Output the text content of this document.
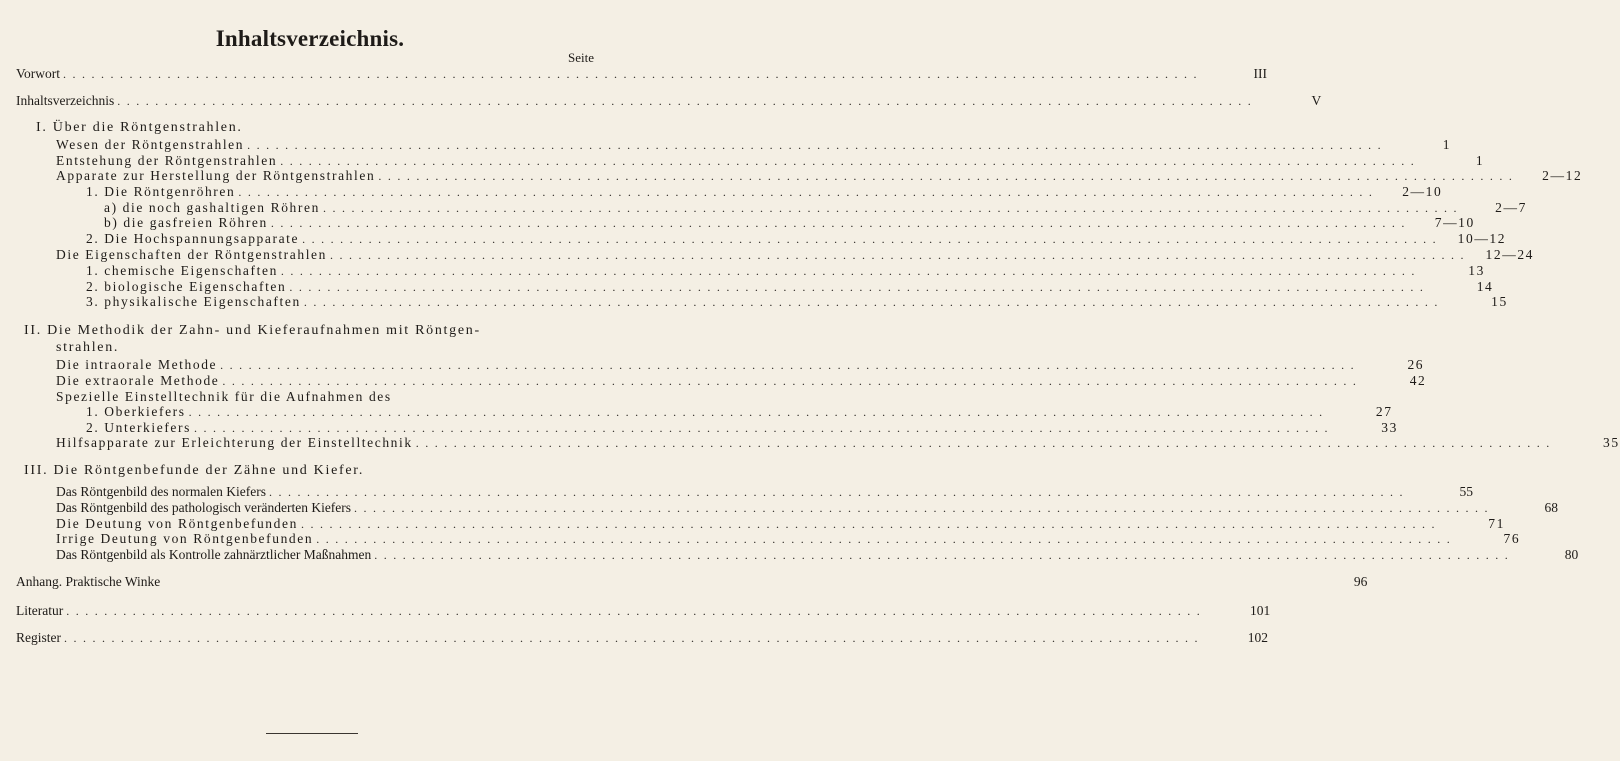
Inhaltsverzeichnis.
Seite
Vorwort ........................................................................................................................	III
Inhaltsverzeichnis ........................................................................................................................	V
I. Über die Röntgenstrahlen.
Wesen der Röntgenstrahlen ........................................................................................................................	1
Entstehung der Röntgenstrahlen ........................................................................................................................	1
Apparate zur Herstellung der Röntgenstrahlen ........................................................................................................................	2—12
1. Die Röntgenröhren ........................................................................................................................	2—10
a) die noch gashaltigen Röhren ........................................................................................................................	2—7
b) die gasfreien Röhren ........................................................................................................................	7—10
2. Die Hochspannungsapparate ........................................................................................................................	10—12
Die Eigenschaften der Röntgenstrahlen ........................................................................................................................	12—24
1. chemische Eigenschaften ........................................................................................................................	13
2. biologische Eigenschaften ........................................................................................................................	14
3. physikalische Eigenschaften ........................................................................................................................	15
II. Die Methodik der Zahn- und Kieferaufnahmen mit Röntgen-
strahlen.
Die intraorale Methode ........................................................................................................................	26
Die extraorale Methode ........................................................................................................................	42
Spezielle Einstelltechnik für die Aufnahmen des
1. Oberkiefers ........................................................................................................................	27
2. Unterkiefers ........................................................................................................................	33
Hilfsapparate zur Erleichterung der Einstelltechnik ........................................................................................................................	35
III. Die Röntgenbefunde der Zähne und Kiefer.
Das Röntgenbild des normalen Kiefers ........................................................................................................................	55
Das Röntgenbild des pathologisch veränderten Kiefers ........................................................................................................................	68
Die Deutung von Röntgenbefunden ........................................................................................................................	71
Irrige Deutung von Röntgenbefunden ........................................................................................................................	76
Das Röntgenbild als Kontrolle zahnärztlicher Maßnahmen ........................................................................................................................	80
Anhang. Praktische Winke	96
Literatur ........................................................................................................................	101
Register ........................................................................................................................	102
